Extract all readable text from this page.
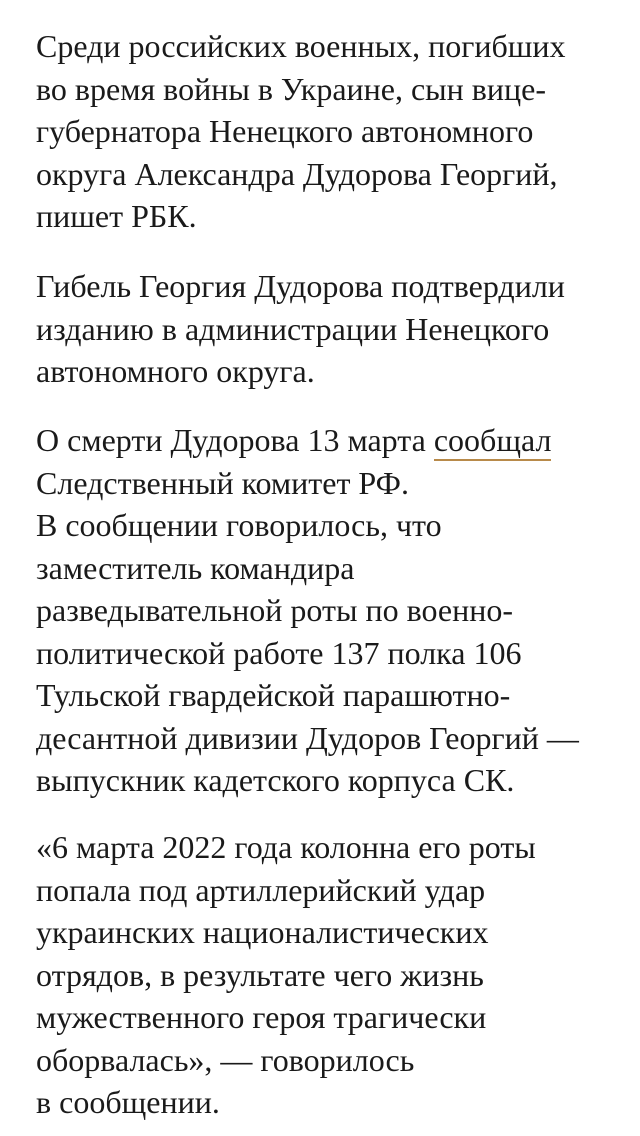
Среди российских военных, погибших
во время войны в Украине, сын вице-
губернатора Ненецкого автономного
округа Александра Дудорова Георгий,
пишет РБК.
Гибель Георгия Дудорова подтвердили
изданию в администрации Ненецкого
автономного округа.
О смерти Дудорова 13 марта сообщал
Следственный комитет РФ.
В сообщении говорилось, что
заместитель командира
разведывательной роты по военно-
политической работе 137 полка 106
Тульской гвардейской парашютно-
десантной дивизии Дудоров Георгий —
выпускник кадетского корпуса СК.
«6 марта 2022 года колонна его роты
попала под артиллерийский удар
украинских националистических
отрядов, в результате чего жизнь
мужественного героя трагически
оборвалась», — говорилось
в сообщении.
